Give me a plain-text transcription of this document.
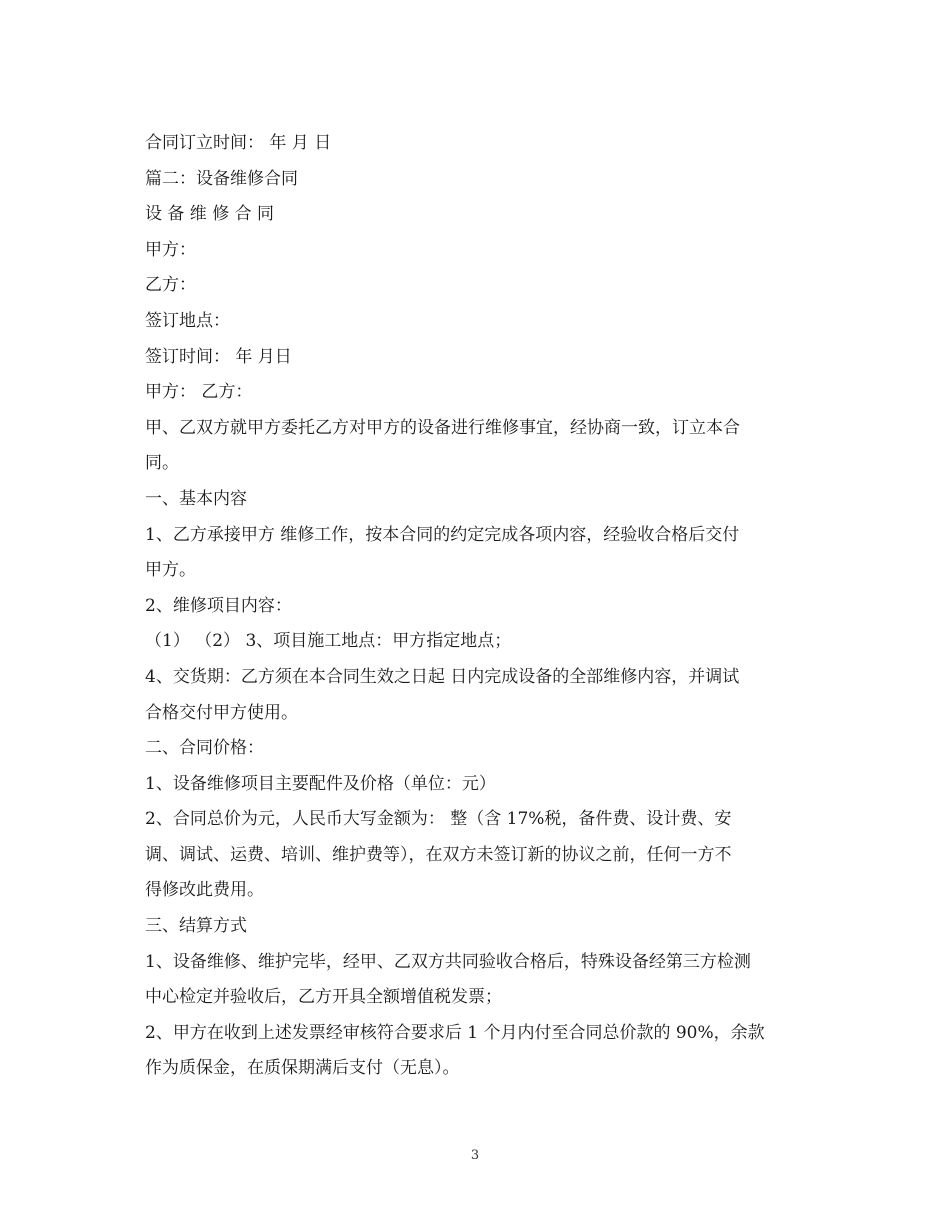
合同订立时间： 年 月 日
篇二：设备维修合同
设 备 维 修 合 同
甲方：
乙方：
签订地点：
签订时间： 年 月日
甲方： 乙方：
甲、乙双方就甲方委托乙方对甲方的设备进行维修事宜，经协商一致，订立本合
同。
一、基本内容
1、乙方承接甲方 维修工作，按本合同的约定完成各项内容，经验收合格后交付
甲方。
2、维修项目内容：
（1） （2） 3、项目施工地点：甲方指定地点；
4、交货期：乙方须在本合同生效之日起 日内完成设备的全部维修内容，并调试
合格交付甲方使用。
二、合同价格：
1、设备维修项目主要配件及价格（单位：元）
2、合同总价为元，人民币大写金额为： 整（含 17%税，备件费、设计费、安
调、调试、运费、培训、维护费等），在双方未签订新的协议之前，任何一方不
得修改此费用。
三、结算方式
1、设备维修、维护完毕，经甲、乙双方共同验收合格后，特殊设备经第三方检测
中心检定并验收后，乙方开具全额增值税发票；
2、甲方在收到上述发票经审核符合要求后 1 个月内付至合同总价款的 90%，余款
作为质保金，在质保期满后支付（无息）。
3
